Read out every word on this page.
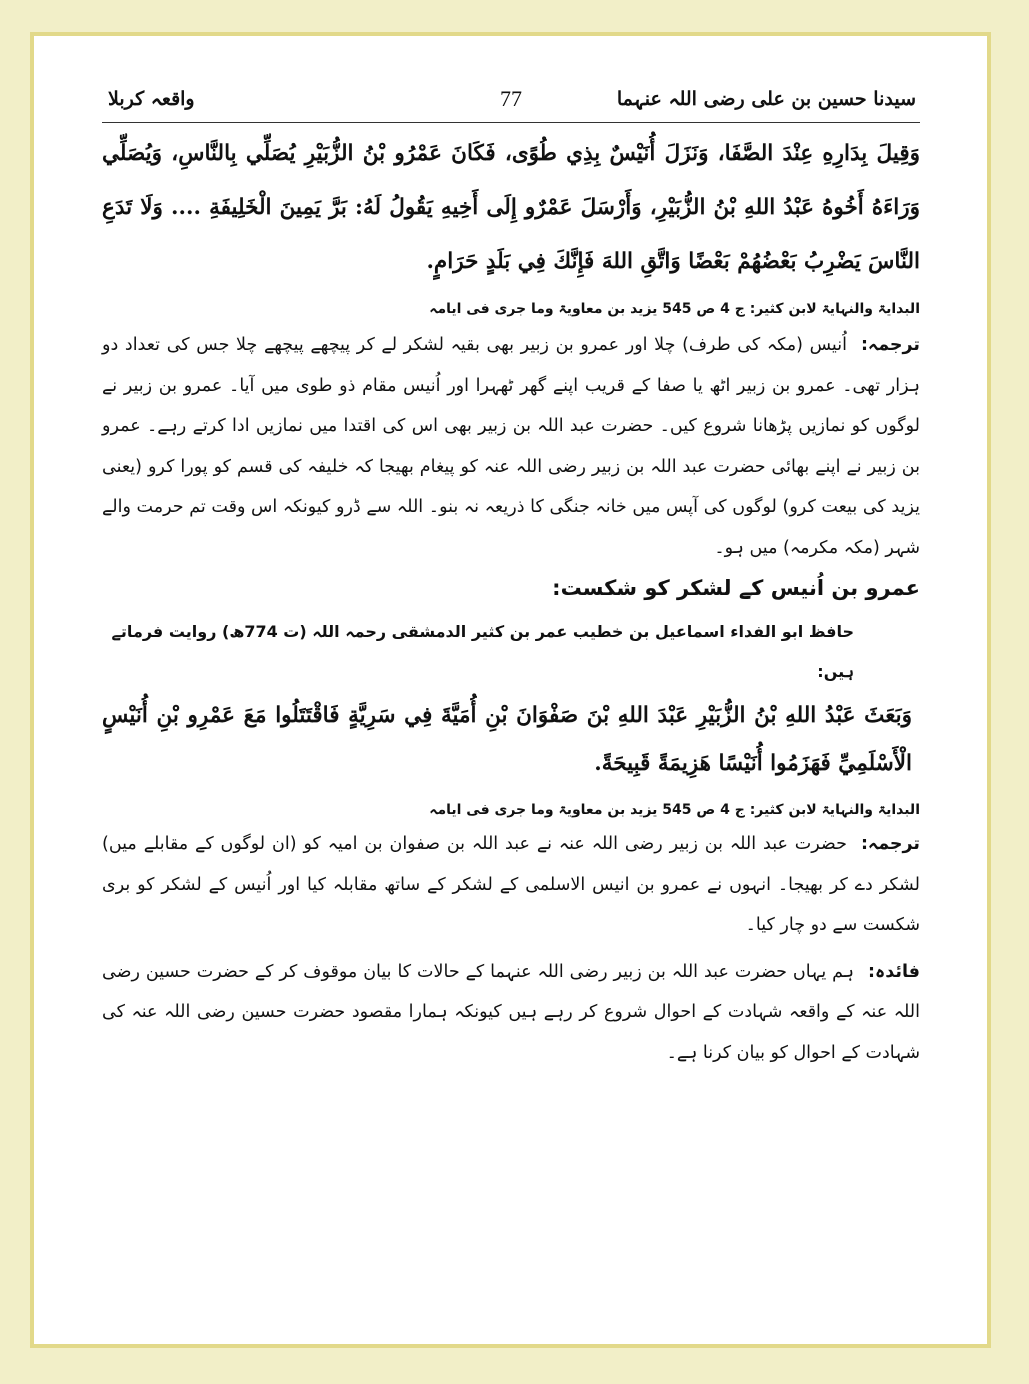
سیدنا حسین بن علی رضی اللہ عنہما
77
واقعہ کربلا
وَقِيلَ بِدَارِهِ عِنْدَ الصَّفَا، وَنَزَلَ أُنَيْسٌ بِذِي طُوًى، فَكَانَ عَمْرُو بْنُ الزُّبَيْرِ يُصَلِّي بِالنَّاسِ، وَيُصَلِّي وَرَاءَهُ أَخُوهُ عَبْدُ اللهِ بْنُ الزُّبَيْرِ، وَأَرْسَلَ عَمْرٌو إِلَى أَخِيهِ يَقُولُ لَهُ: بَرَّ يَمِينَ الْخَلِيفَةِ .... وَلَا تَدَعِ النَّاسَ يَضْرِبُ بَعْضُهُمْ بَعْضًا وَاتَّقِ اللهَ فَإِنَّكَ فِي بَلَدٍ حَرَامٍ.
البدایۃ والنہایۃ لابن کثیر: ج 4 ص 545 یزید بن معاویۃ وما جری فی ایامہ
ترجمہ:اُنیس (مکہ کی طرف) چلا اور عمرو بن زبیر بھی بقیہ لشکر لے کر پیچھے پیچھے چلا جس کی تعداد دو ہزار تھی۔ عمرو بن زبیر اٹھ یا صفا کے قریب اپنے گھر ٹھہرا اور اُنیس مقام ذو طوی میں آیا۔ عمرو بن زبیر نے لوگوں کو نمازیں پڑھانا شروع کیں۔ حضرت عبد اللہ بن زبیر بھی اس کی اقتدا میں نمازیں ادا کرتے رہے۔ عمرو بن زبیر نے اپنے بھائی حضرت عبد اللہ بن زبیر رضی اللہ عنہ کو پیغام بھیجا کہ خلیفہ کی قسم کو پورا کرو (یعنی یزید کی بیعت کرو) لوگوں کی آپس میں خانہ جنگی کا ذریعہ نہ بنو۔ اللہ سے ڈرو کیونکہ اس وقت تم حرمت والے شہر (مکہ مکرمہ) میں ہو۔
عمرو بن اُنیس کے لشکر کو شکست:
حافظ ابو الفداء اسماعیل بن خطیب عمر بن کثیر الدمشقی رحمہ اللہ (ت 774ھ) روایت فرماتے ہیں:
وَبَعَثَ عَبْدُ اللهِ بْنُ الزُّبَيْرِ عَبْدَ اللهِ بْنَ صَفْوَانَ بْنِ أُمَيَّةَ فِي سَرِيَّةٍ فَاقْتَتَلُوا مَعَ عَمْرِو بْنِ أُنَيْسٍ الْأَسْلَمِيِّ فَهَزَمُوا أُنَيْسًا هَزِيمَةً قَبِيحَةً.
البدایۃ والنہایۃ لابن کثیر: ج 4 ص 545 یزید بن معاویۃ وما جری فی ایامہ
ترجمہ:حضرت عبد اللہ بن زبیر رضی اللہ عنہ نے عبد اللہ بن صفوان بن امیہ کو (ان لوگوں کے مقابلے میں) لشکر دے کر بھیجا۔ انہوں نے عمرو بن انیس الاسلمی کے لشکر کے ساتھ مقابلہ کیا اور اُنیس کے لشکر کو بری شکست سے دو چار کیا۔
فائدہ:ہم یہاں حضرت عبد اللہ بن زبیر رضی اللہ عنہما کے حالات کا بیان موقوف کر کے حضرت حسین رضی اللہ عنہ کے واقعہ شہادت کے احوال شروع کر رہے ہیں کیونکہ ہمارا مقصود حضرت حسین رضی اللہ عنہ کی شہادت کے احوال کو بیان کرنا ہے۔
